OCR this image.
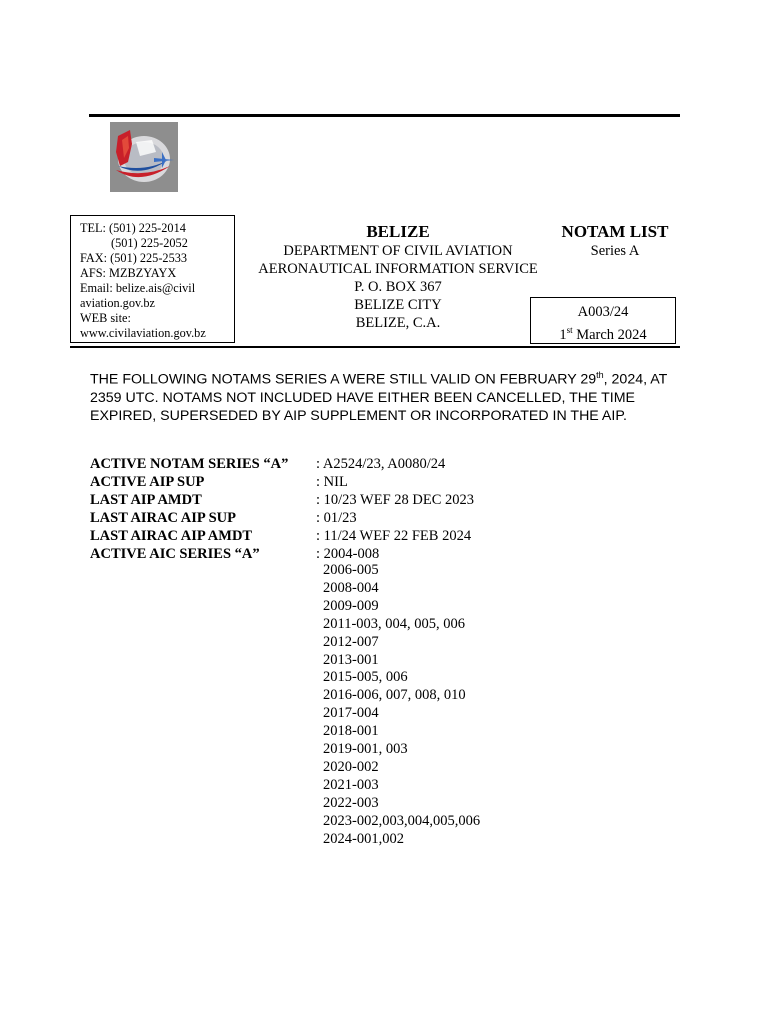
TEL: (501) 225-2014
(501) 225-2052
FAX: (501) 225-2533
AFS: MZBZYAYX
Email: belize.ais@civil
aviation.gov.bz
WEB site:
www.civilaviation.gov.bz
BELIZE
DEPARTMENT OF CIVIL AVIATION
AERONAUTICAL INFORMATION SERVICE
P. O. BOX 367
BELIZE CITY
BELIZE, C.A.
NOTAM LIST
Series A
A003/24
1st March 2024
THE FOLLOWING NOTAMS SERIES A WERE STILL VALID ON FEBRUARY 29th, 2024, AT 2359 UTC. NOTAMS NOT INCLUDED HAVE EITHER BEEN CANCELLED, THE TIME EXPIRED, SUPERSEDED BY AIP SUPPLEMENT OR INCORPORATED IN THE AIP.
ACTIVE NOTAM SERIES “A”	: A2524/23, A0080/24
ACTIVE AIP SUP	: NIL
LAST AIP AMDT	: 10/23 WEF 28 DEC 2023
LAST AIRAC AIP SUP	: 01/23
LAST AIRAC AIP AMDT	: 11/24 WEF 22 FEB 2024
ACTIVE AIC SERIES “A”	: 2004-008
2006-005
2008-004
2009-009
2011-003, 004, 005, 006
2012-007
2013-001
2015-005, 006
2016-006, 007, 008, 010
2017-004
2018-001
2019-001, 003
2020-002
2021-003
2022-003
2023-002,003,004,005,006
2024-001,002
